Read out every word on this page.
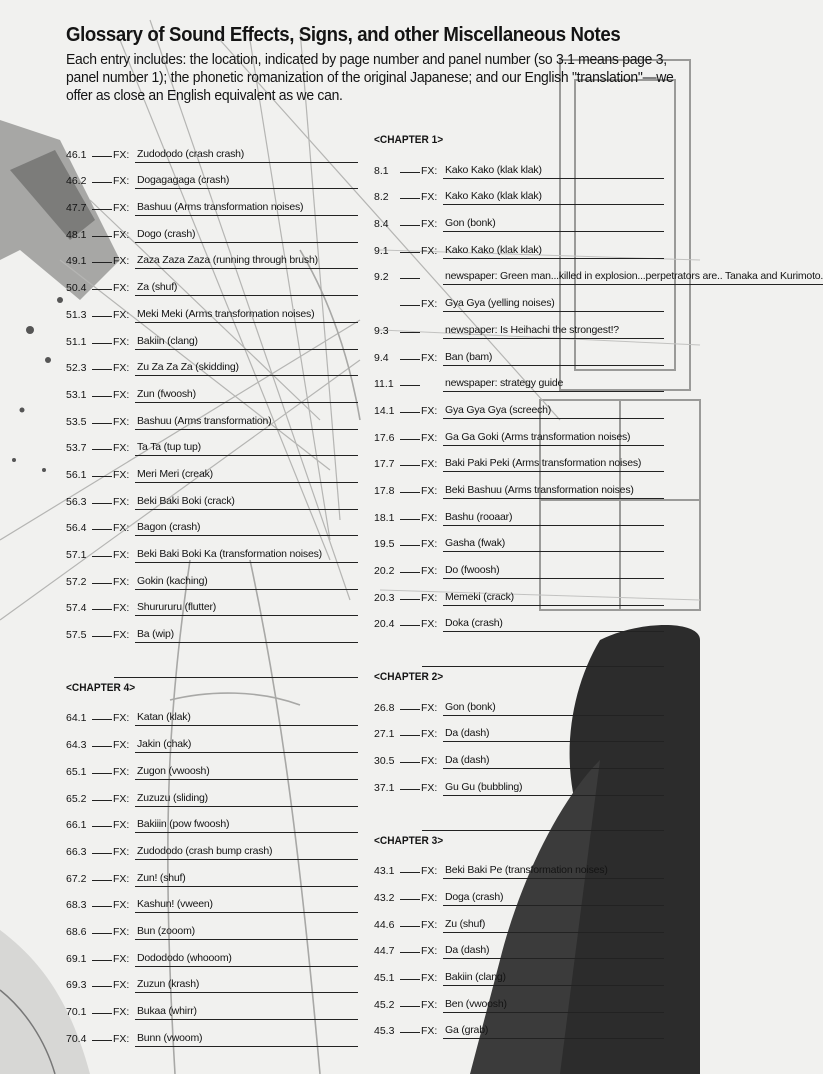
Glossary of Sound Effects, Signs, and other Miscellaneous Notes
Each entry includes: the location, indicated by page number and panel number (so 3.1 means page 3, panel number 1); the phonetic romanization of the original Japanese; and our English "translation"—we offer as close an English equivalent as we can.
46.1	FX: Zudododo (crash crash)
46.2	FX: Dogagagaga (crash)
47.7	FX: Bashuu (Arms transformation noises)
48.1	FX: Dogo (crash)
49.1	FX: Zaza Zaza Zaza (running through brush)
50.4	FX: Za (shuf)
51.3	FX: Meki Meki (Arms transformation noises)
51.1	FX: Bakiin (clang)
52.3	FX: Zu Za Za Za (skidding)
53.1	FX: Zun (fwoosh)
53.5	FX: Bashuu (Arms transformation)
53.7	FX: Ta Ta (tup tup)
56.1	FX: Meri Meri (creak)
56.3	FX: Beki Baki Boki (crack)
56.4	FX: Bagon (crash)
57.1	FX: Beki Baki Boki Ka (transformation noises)
57.2	FX: Gokin (kaching)
57.4	FX: Shurururu (flutter)
57.5	FX: Ba (wip)
<CHAPTER 4>
64.1	FX: Katan (klak)
64.3	FX: Jakin (chak)
65.1	FX: Zugon (vwoosh)
65.2	FX: Zuzuzu (sliding)
66.1	FX: Bakiiin (pow fwoosh)
66.3	FX: Zudododo (crash bump crash)
67.2	FX: Zun! (shuf)
68.3	FX: Kashun! (vween)
68.6	FX: Bun (zooom)
69.1	FX: Dodododo (whooom)
69.3	FX: Zuzun (krash)
70.1	FX: Bukaa (whirr)
70.4	FX: Bunn (vwoom)
<CHAPTER 1>
8.1	FX: Kako Kako (klak klak)
8.2	FX: Kako Kako (klak klak)
8.4	FX: Gon (bonk)
9.1	FX: Kako Kako (klak klak)
9.2	newspaper: Green man...killed in explosion...perpetrators are.. Tanaka and Kurimoto.
FX: Gya Gya (yelling noises)
9.3	newspaper: Is Heihachi the strongest!?
9.4	FX: Ban (bam)
11.1	newspaper: strategy guide
14.1	FX: Gya Gya Gya (screech)
17.6	FX: Ga Ga Goki (Arms transformation noises)
17.7	FX: Baki Paki Peki (Arms transformation noises)
17.8	FX: Beki Bashuu (Arms transformation noises)
18.1	FX: Bashu (rooaar)
19.5	FX: Gasha (fwak)
20.2	FX: Do (fwoosh)
20.3	FX: Memeki (crack)
20.4	FX: Doka (crash)
<CHAPTER 2>
26.8	FX: Gon (bonk)
27.1	FX: Da (dash)
30.5	FX: Da (dash)
37.1	FX: Gu Gu (bubbling)
<CHAPTER 3>
43.1	FX: Beki Baki Pe (transformation noises)
43.2	FX: Doga (crash)
44.6	FX: Zu (shuf)
44.7	FX: Da (dash)
45.1	FX: Bakiin (clang)
45.2	FX: Ben (vwoosh)
45.3	FX: Ga (grab)
